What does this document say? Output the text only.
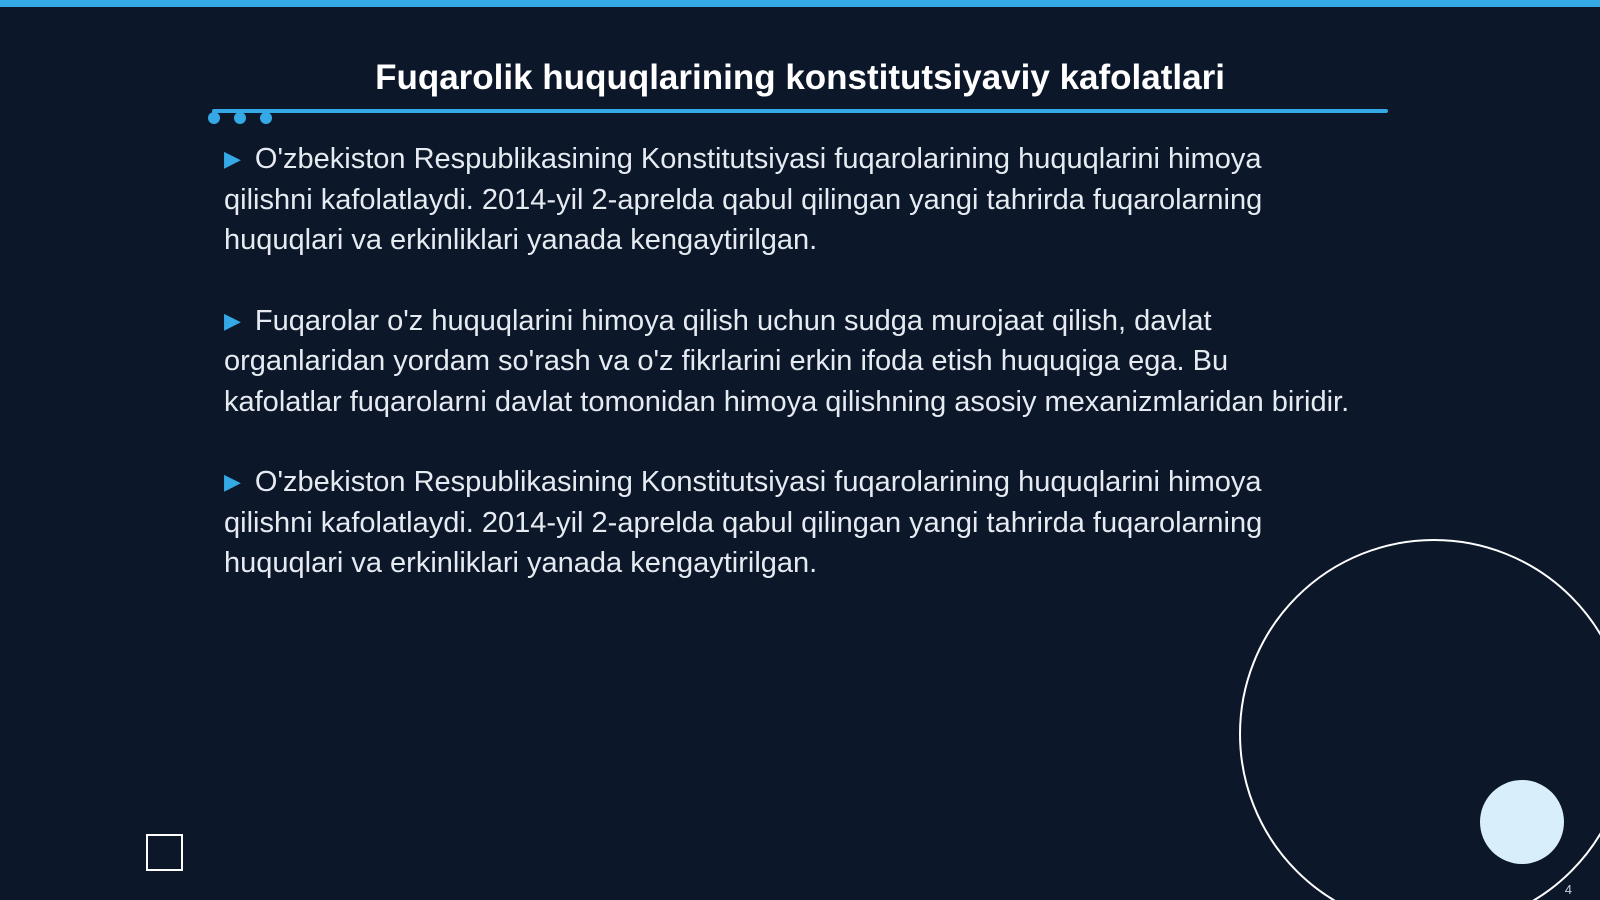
Fuqarolik huquqlarining konstitutsiyaviy kafolatlari

▶ O'zbekiston Respublikasining Konstitutsiyasi fuqarolarining huquqlarini himoya qilishni kafolatlaydi. 2014-yil 2-aprelda qabul qilingan yangi tahrirda fuqarolarning huquqlari va erkinliklari yanada kengaytirilgan.

▶ Fuqarolar o'z huquqlarini himoya qilish uchun sudga murojaat qilish, davlat organlaridan yordam so'rash va o'z fikrlarini erkin ifoda etish huquqiga ega. Bu kafolatlar fuqarolarni davlat tomonidan himoya qilishning asosiy mexanizmlaridan biridir.

▶ O'zbekiston Respublikasining Konstitutsiyasi fuqarolarining huquqlarini himoya qilishni kafolatlaydi. 2014-yil 2-aprelda qabul qilingan yangi tahrirda fuqarolarning huquqlari va erkinliklari yanada kengaytirilgan.

4
